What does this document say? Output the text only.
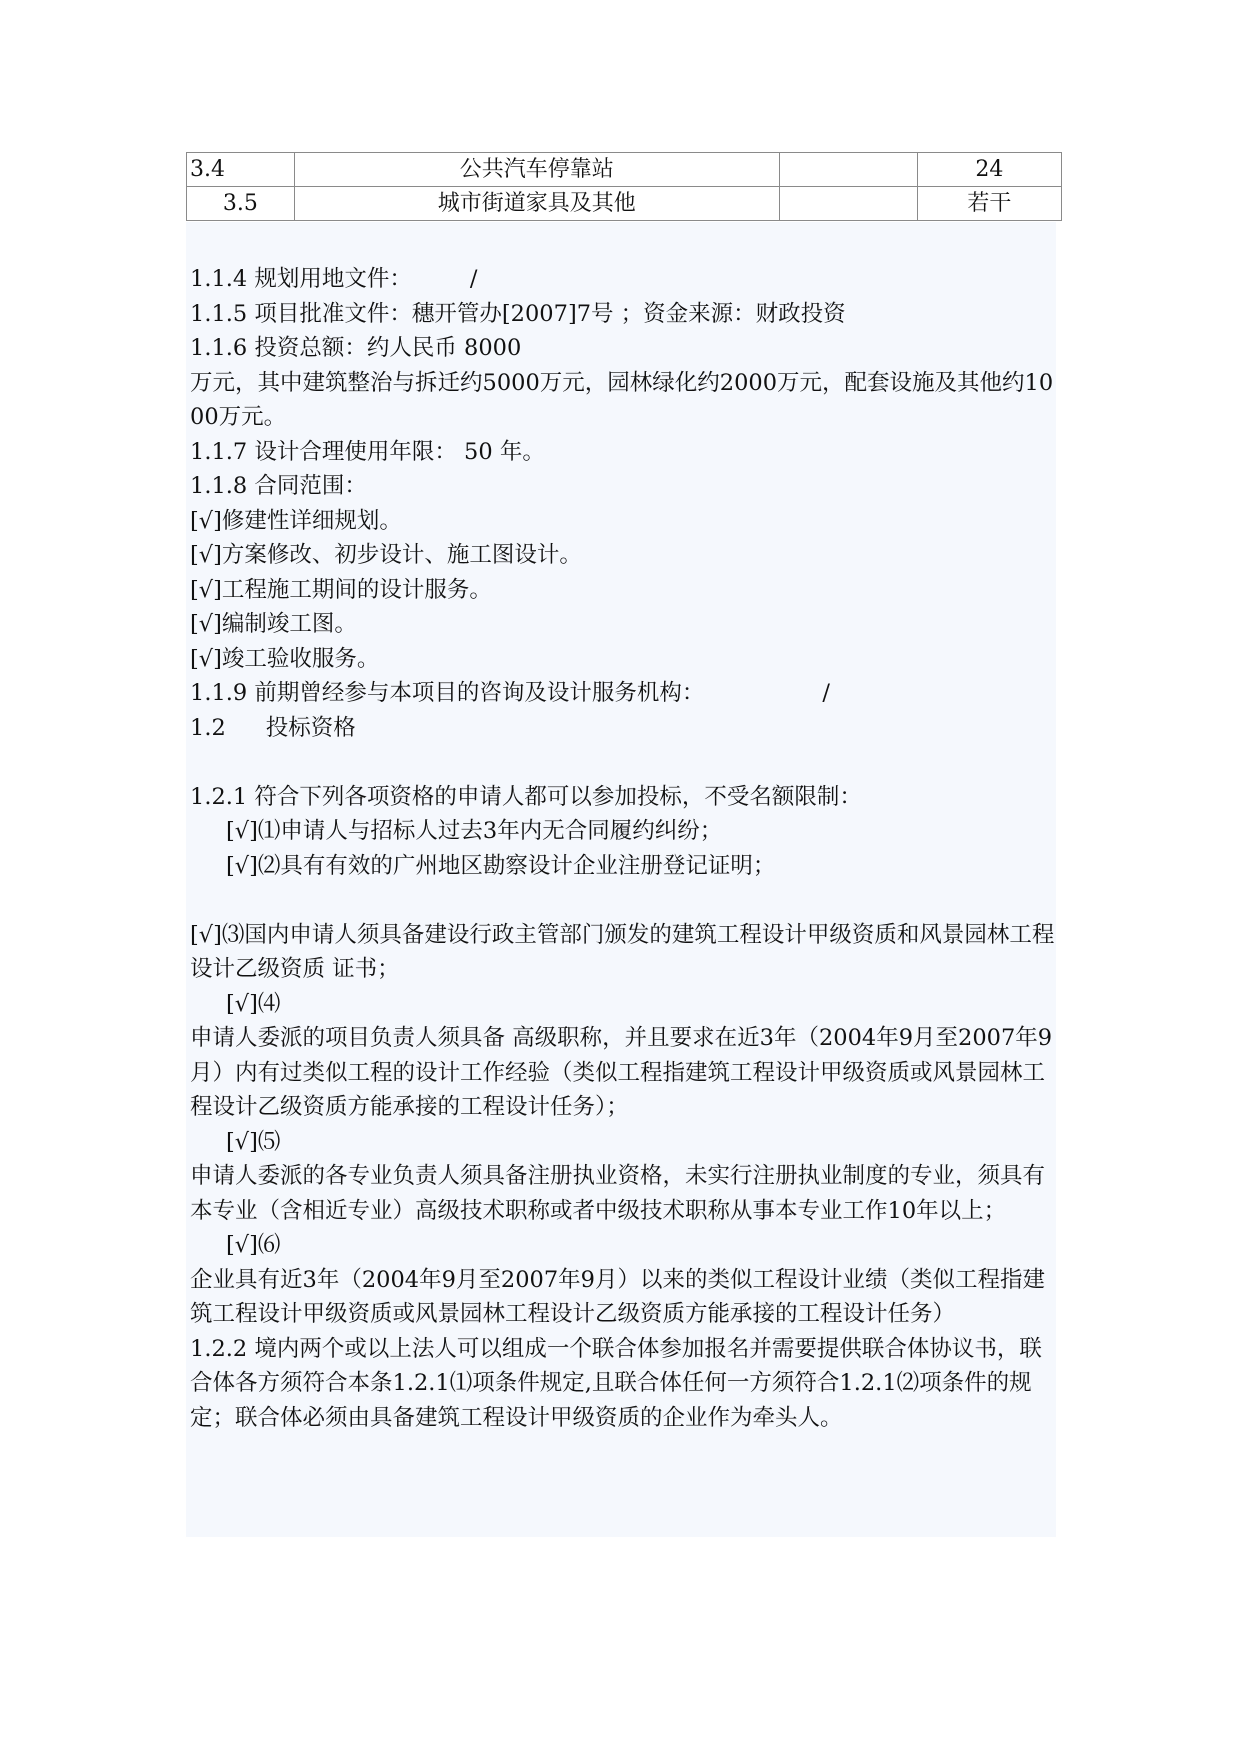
3.4	公共汽车停靠站		24
3.5	城市街道家具及其他		若干
1.1.4 规划用地文件：	/
1.1.5 项目批准文件：穗开管办[2007]7号 ；资金来源：财政投资
1.1.6 投资总额：约人民币 8000
万元，其中建筑整治与拆迁约5000万元，园林绿化约2000万元，配套设施及其他约1000万元。
1.1.7 设计合理使用年限： 50 年。
1.1.8 合同范围：
[√]修建性详细规划。
[√]方案修改、初步设计、施工图设计。
[√]工程施工期间的设计服务。
[√]编制竣工图。
[√]竣工验收服务。
1.1.9 前期曾经参与本项目的咨询及设计服务机构：	/
1.2 投标资格
1.2.1 符合下列各项资格的申请人都可以参加投标，不受名额限制：
[√]⑴申请人与招标人过去3年内无合同履约纠纷；
[√]⑵具有有效的广州地区勘察设计企业注册登记证明；
[√]⑶国内申请人须具备建设行政主管部门颁发的建筑工程设计甲级资质和风景园林工程设计乙级资质 证书；
[√]⑷
申请人委派的项目负责人须具备 高级职称，并且要求在近3年（2004年9月至2007年9月）内有过类似工程的设计工作经验（类似工程指建筑工程设计甲级资质或风景园林工程设计乙级资质方能承接的工程设计任务）；
[√]⑸
申请人委派的各专业负责人须具备注册执业资格，未实行注册执业制度的专业，须具有本专业（含相近专业）高级技术职称或者中级技术职称从事本专业工作10年以上；
[√]⑹
企业具有近3年（2004年9月至2007年9月）以来的类似工程设计业绩（类似工程指建筑工程设计甲级资质或风景园林工程设计乙级资质方能承接的工程设计任务）
1.2.2 境内两个或以上法人可以组成一个联合体参加报名并需要提供联合体协议书，联合体各方须符合本条1.2.1⑴项条件规定,且联合体任何一方须符合1.2.1⑵项条件的规定；联合体必须由具备建筑工程设计甲级资质的企业作为牵头人。
